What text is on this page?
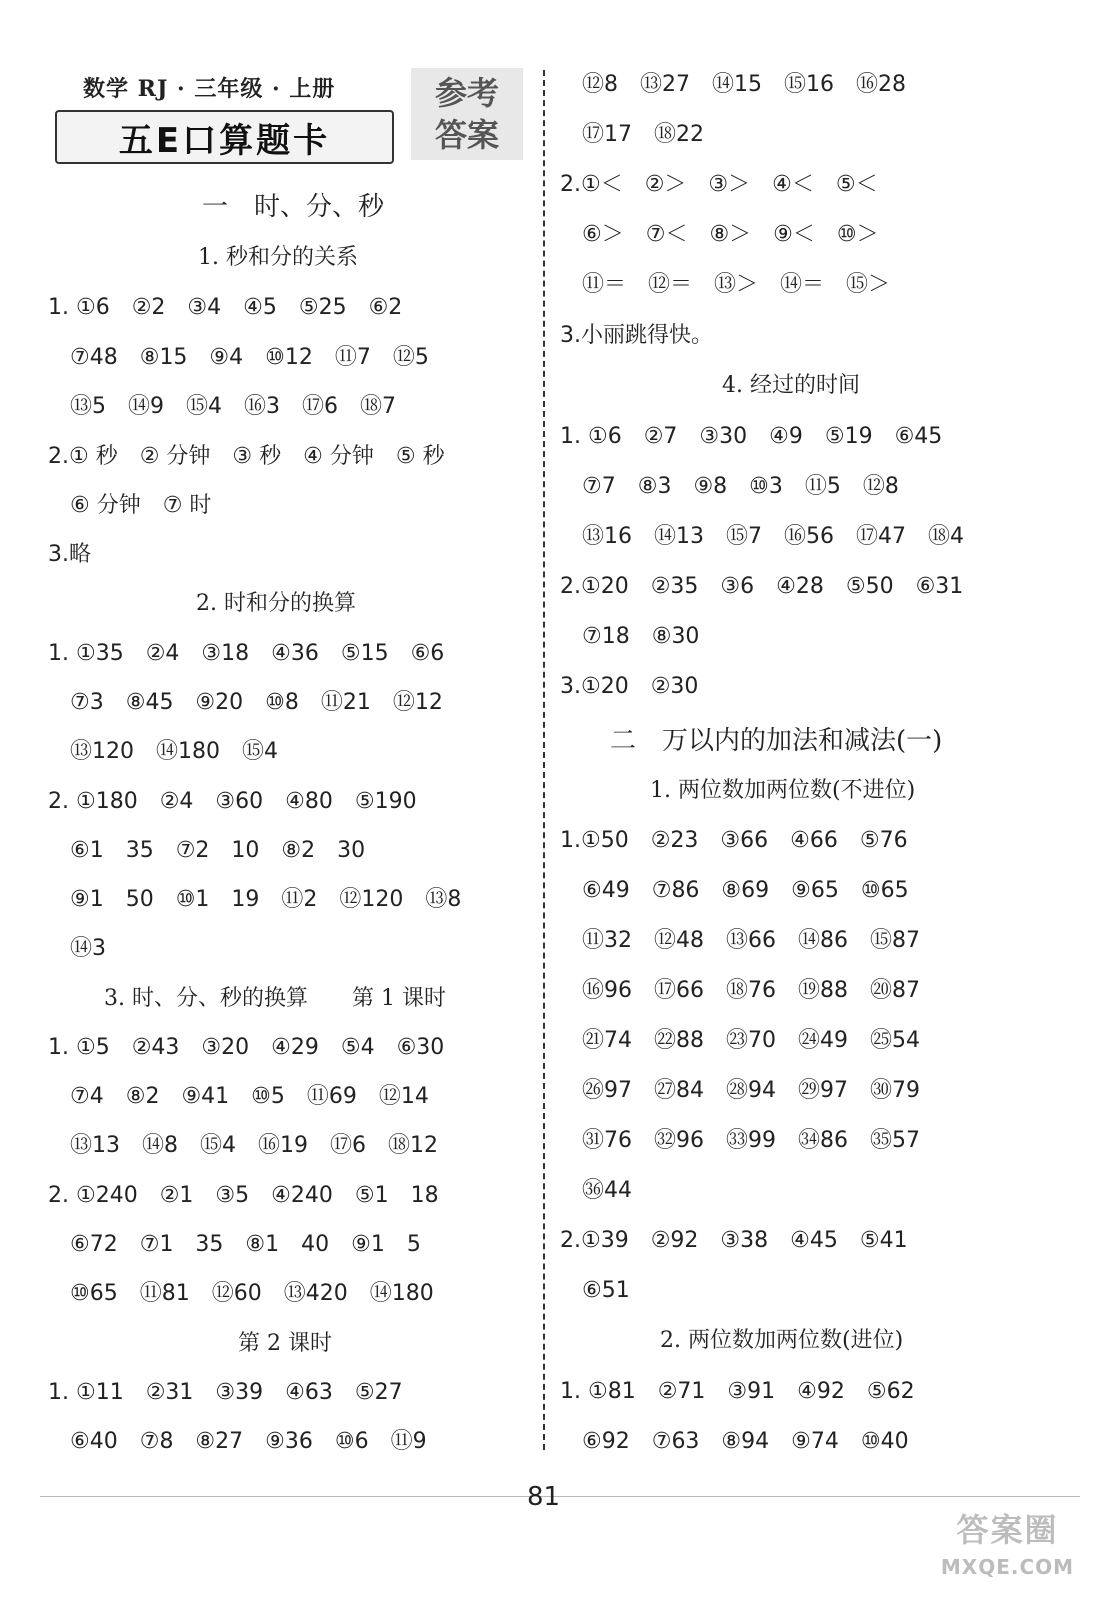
数学 RJ · 三年级 · 上册
五E口算题卡
参考
答案
一　时、分、秒
1. 秒和分的关系
1. ①6　②2　③4　④5　⑤25　⑥2
　⑦48　⑧15　⑨4　⑩12　⑪7　⑫5
　⑬5　⑭9　⑮4　⑯3　⑰6　⑱7
2.① 秒　② 分钟　③ 秒　④ 分钟　⑤ 秒
　⑥ 分钟　⑦ 时
3.略
2. 时和分的换算
1. ①35　②4　③18　④36　⑤15　⑥6
　⑦3　⑧45　⑨20　⑩8　⑪21　⑫12
　⑬120　⑭180　⑮4
2. ①180　②4　③60　④80　⑤190
　⑥1　35　⑦2　10　⑧2　30
　⑨1　50　⑩1　19　⑪2　⑫120　⑬8
　⑭3
3. 时、分、秒的换算　　第 1 课时
1. ①5　②43　③20　④29　⑤4　⑥30
　⑦4　⑧2　⑨41　⑩5　⑪69　⑫14
　⑬13　⑭8　⑮4　⑯19　⑰6　⑱12
2. ①240　②1　③5　④240　⑤1　18
　⑥72　⑦1　35　⑧1　40　⑨1　5
　⑩65　⑪81　⑫60　⑬420　⑭180
第 2 课时
1. ①11　②31　③39　④63　⑤27
　⑥40　⑦8　⑧27　⑨36　⑩6　⑪9
　⑫8　⑬27　⑭15　⑮16　⑯28
　⑰17　⑱22
2.①＜　②＞　③＞　④＜　⑤＜
　⑥＞　⑦＜　⑧＞　⑨＜　⑩＞
　⑪＝　⑫＝　⑬＞　⑭＝　⑮＞
3.小丽跳得快。
4. 经过的时间
1. ①6　②7　③30　④9　⑤19　⑥45
　⑦7　⑧3　⑨8　⑩3　⑪5　⑫8
　⑬16　⑭13　⑮7　⑯56　⑰47　⑱4
2.①20　②35　③6　④28　⑤50　⑥31
　⑦18　⑧30
3.①20　②30
二　万以内的加法和减法(一)
1. 两位数加两位数(不进位)
1.①50　②23　③66　④66　⑤76
　⑥49　⑦86　⑧69　⑨65　⑩65
　⑪32　⑫48　⑬66　⑭86　⑮87
　⑯96　⑰66　⑱76　⑲88　⑳87
　㉑74　㉒88　㉓70　㉔49　㉕54
　㉖97　㉗84　㉘94　㉙97　㉚79
　㉛76　㉜96　㉝99　㉞86　㉟57
　㊱44
2.①39　②92　③38　④45　⑤41
　⑥51
2. 两位数加两位数(进位)
1. ①81　②71　③91　④92　⑤62
　⑥92　⑦63　⑧94　⑨74　⑩40
81
答案圈
MXQE.COM
